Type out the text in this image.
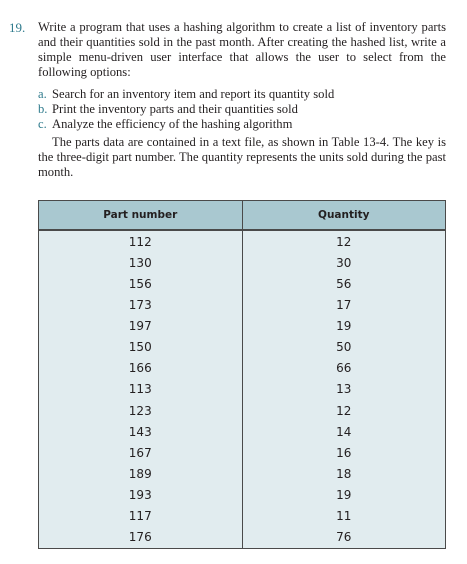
19. Write a program that uses a hashing algorithm to create a list of inventory parts and their quantities sold in the past month. After creating the hashed list, write a simple menu-driven user interface that allows the user to select from the following options:

a. Search for an inventory item and report its quantity sold
b. Print the inventory parts and their quantities sold
c. Analyze the efficiency of the hashing algorithm

The parts data are contained in a text file, as shown in Table 13-4. The key is the three-digit part number. The quantity represents the units sold during the past month.

Part number	Quantity
112	12
130	30
156	56
173	17
197	19
150	50
166	66
113	13
123	12
143	14
167	16
189	18
193	19
117	11
176	76
